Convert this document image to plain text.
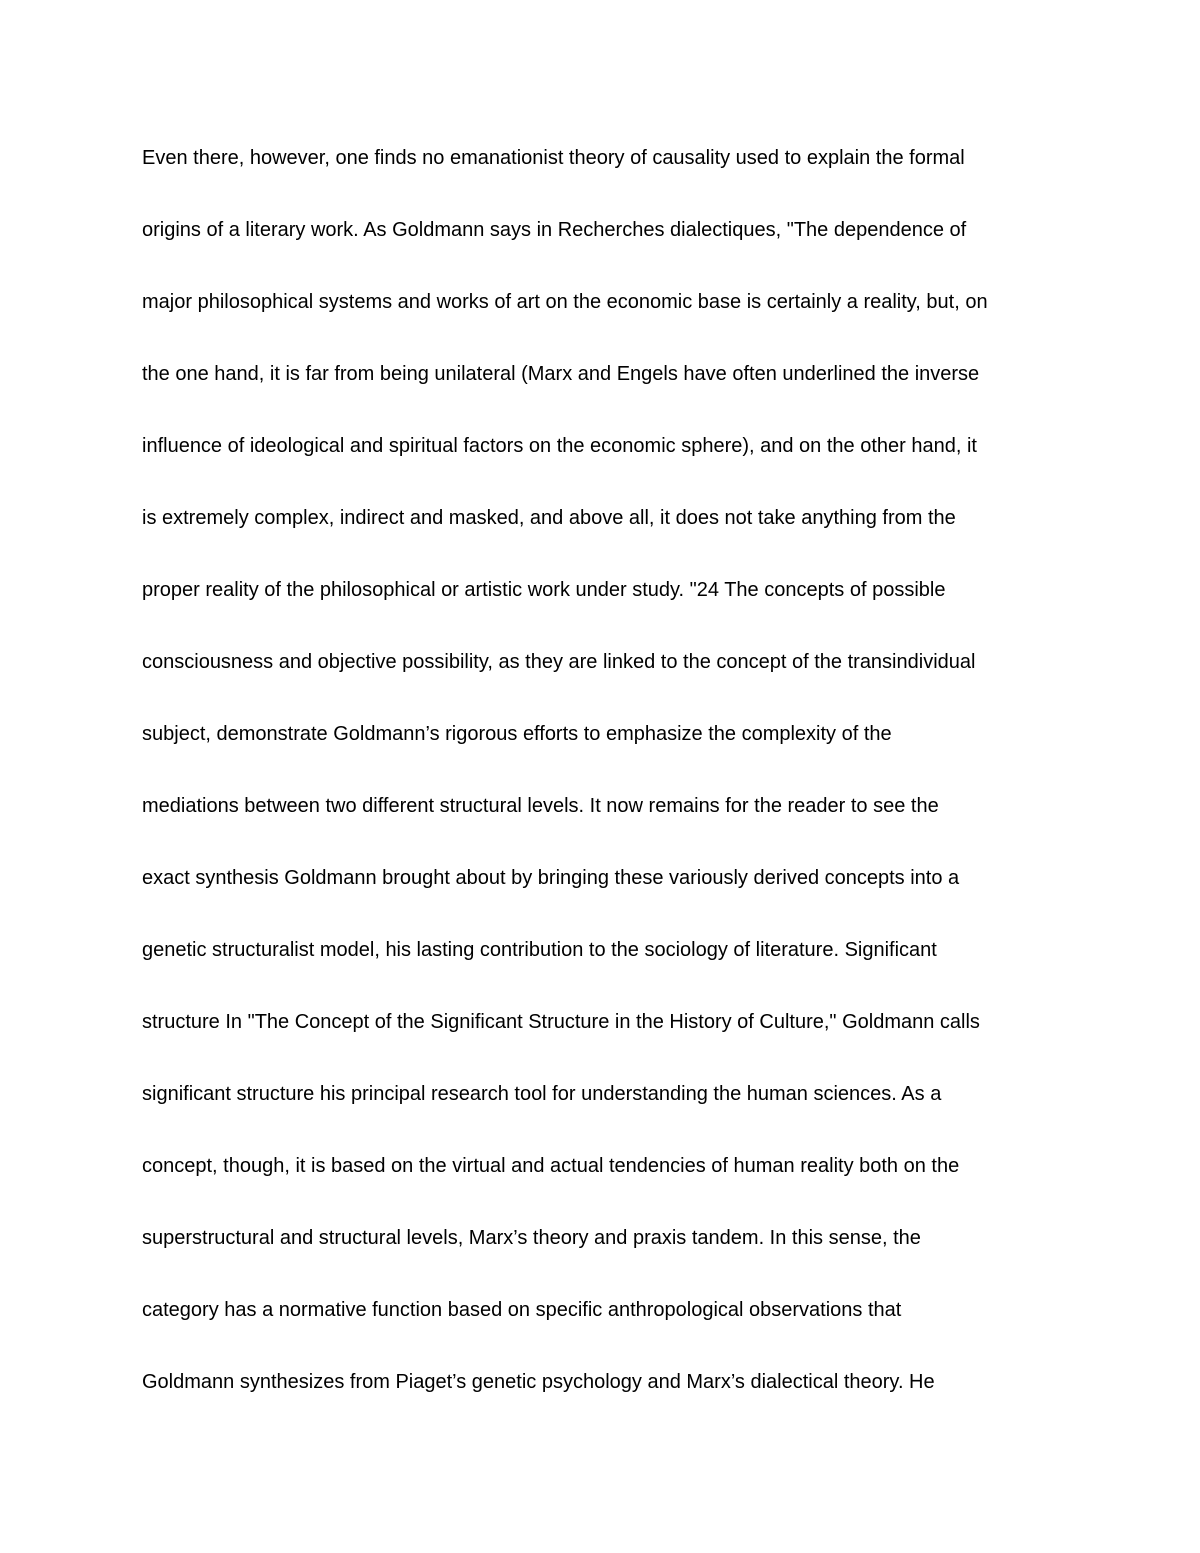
Even there, however, one finds no emanationist theory of causality used to explain the formal
origins of a literary work. As Goldmann says in Recherches dialectiques, "The dependence of
major philosophical systems and works of art on the economic base is certainly a reality, but, on
the one hand, it is far from being unilateral (Marx and Engels have often underlined the inverse
influence of ideological and spiritual factors on the economic sphere), and on the other hand, it
is extremely complex, indirect and masked, and above all, it does not take anything from the
proper reality of the philosophical or artistic work under study. "24 The concepts of possible
consciousness and objective possibility, as they are linked to the concept of the transindividual
subject, demonstrate Goldmann’s rigorous efforts to emphasize the complexity of the
mediations between two different structural levels. It now remains for the reader to see the
exact synthesis Goldmann brought about by bringing these variously derived concepts into a
genetic structuralist model, his lasting contribution to the sociology of literature. Significant
structure In "The Concept of the Significant Structure in the History of Culture," Goldmann calls
significant structure his principal research tool for understanding the human sciences. As a
concept, though, it is based on the virtual and actual tendencies of human reality both on the
superstructural and structural levels, Marx’s theory and praxis tandem. In this sense, the
category has a normative function based on specific anthropological observations that
Goldmann synthesizes from Piaget’s genetic psychology and Marx’s dialectical theory. He
